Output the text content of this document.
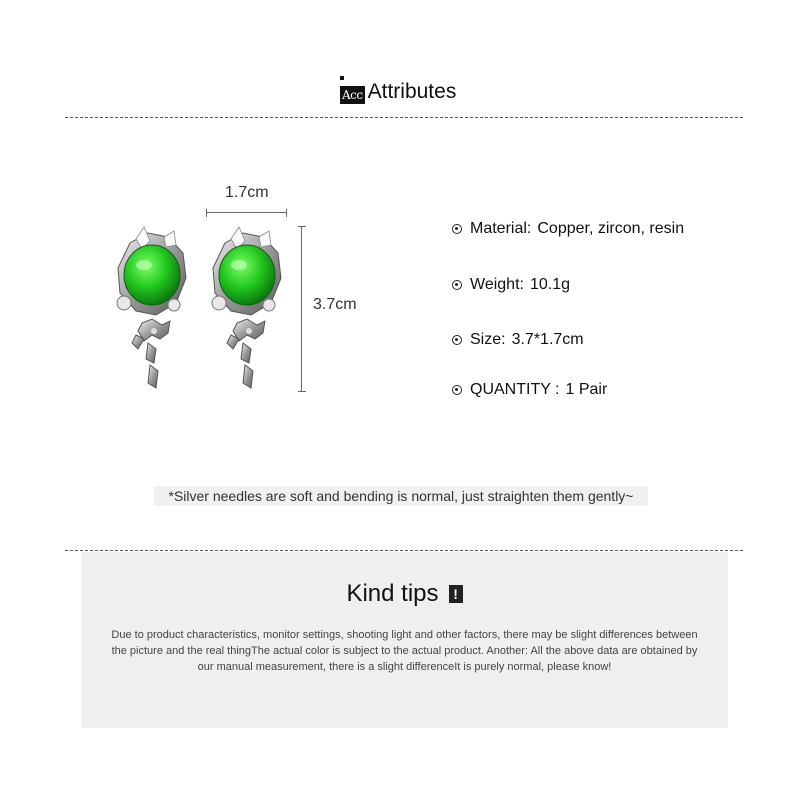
Acc Attributes
1.7cm
3.7cm
Material: Copper, zircon, resin
Weight: 10.1g
Size: 3.7*1.7cm
QUANTITY : 1 Pair
*Silver needles are soft and bending is normal, just straighten them gently~
Kind tips	!
Due to product characteristics, monitor settings, shooting light and other factors, there may be slight differences between the picture and the real thingThe actual color is subject to the actual product. Another: All the above data are obtained by our manual measurement, there is a slight differenceIt is purely normal, please know!
